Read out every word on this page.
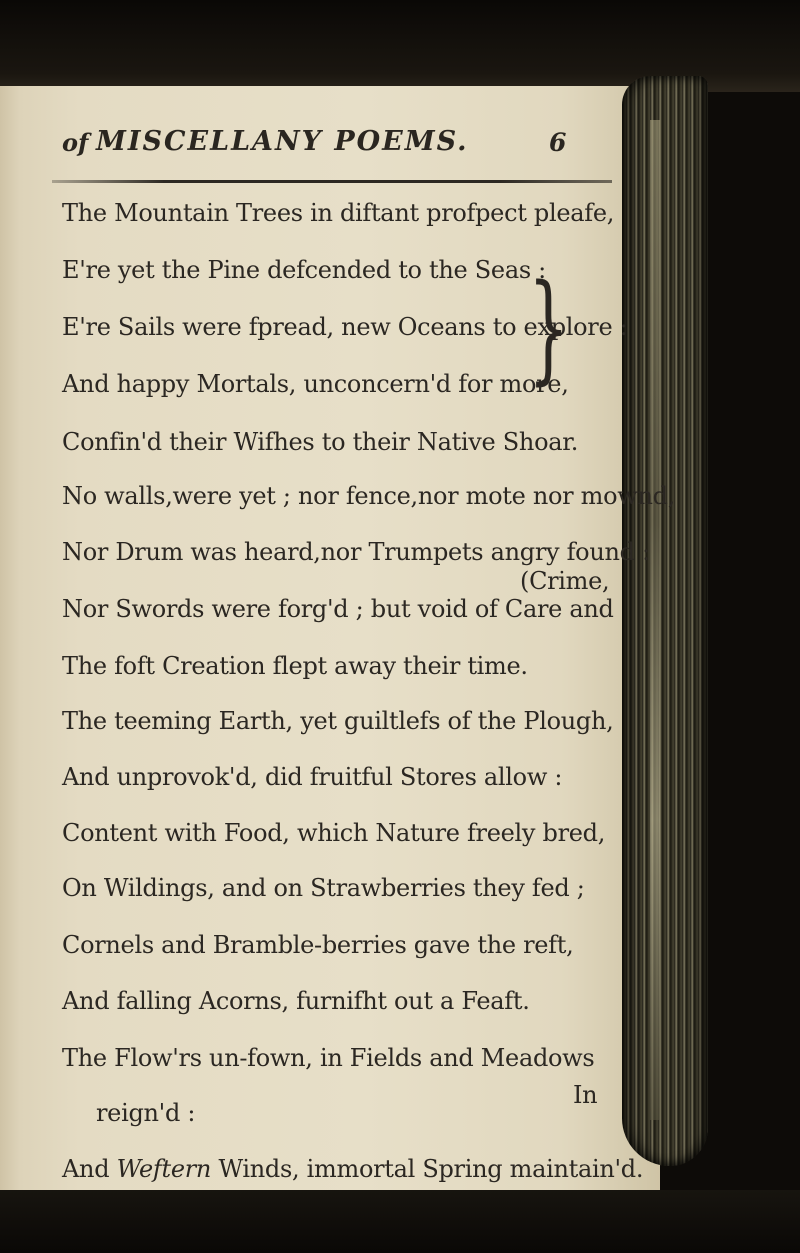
of MISCELLANY POEMS.	6
The Mountain Trees in diftant profpect pleafe,
E're yet the Pine defcended to the Seas :
E're Sails were fpread, new Oceans to explore :
And happy Mortals, unconcern'd for more,
Confin'd their Wifhes to their Native Shoar.
}
No walls,were yet ; nor fence,nor mote nor mownd,
Nor Drum was heard,nor Trumpets angry found :
Nor Swords were forg'd ; but void of Care and
(Crime,
The foft Creation flept away their time.
The teeming Earth, yet guiltlefs of the Plough,
And unprovok'd, did fruitful Stores allow :
Content with Food, which Nature freely bred,
On Wildings, and on Strawberries they fed ;
Cornels and Bramble-berries gave the reft,
And falling Acorns, furnifht out a Feaft.
The Flow'rs un-fown, in Fields and Meadows
reign'd :
And Weftern Winds, immortal Spring maintain'd.
In
